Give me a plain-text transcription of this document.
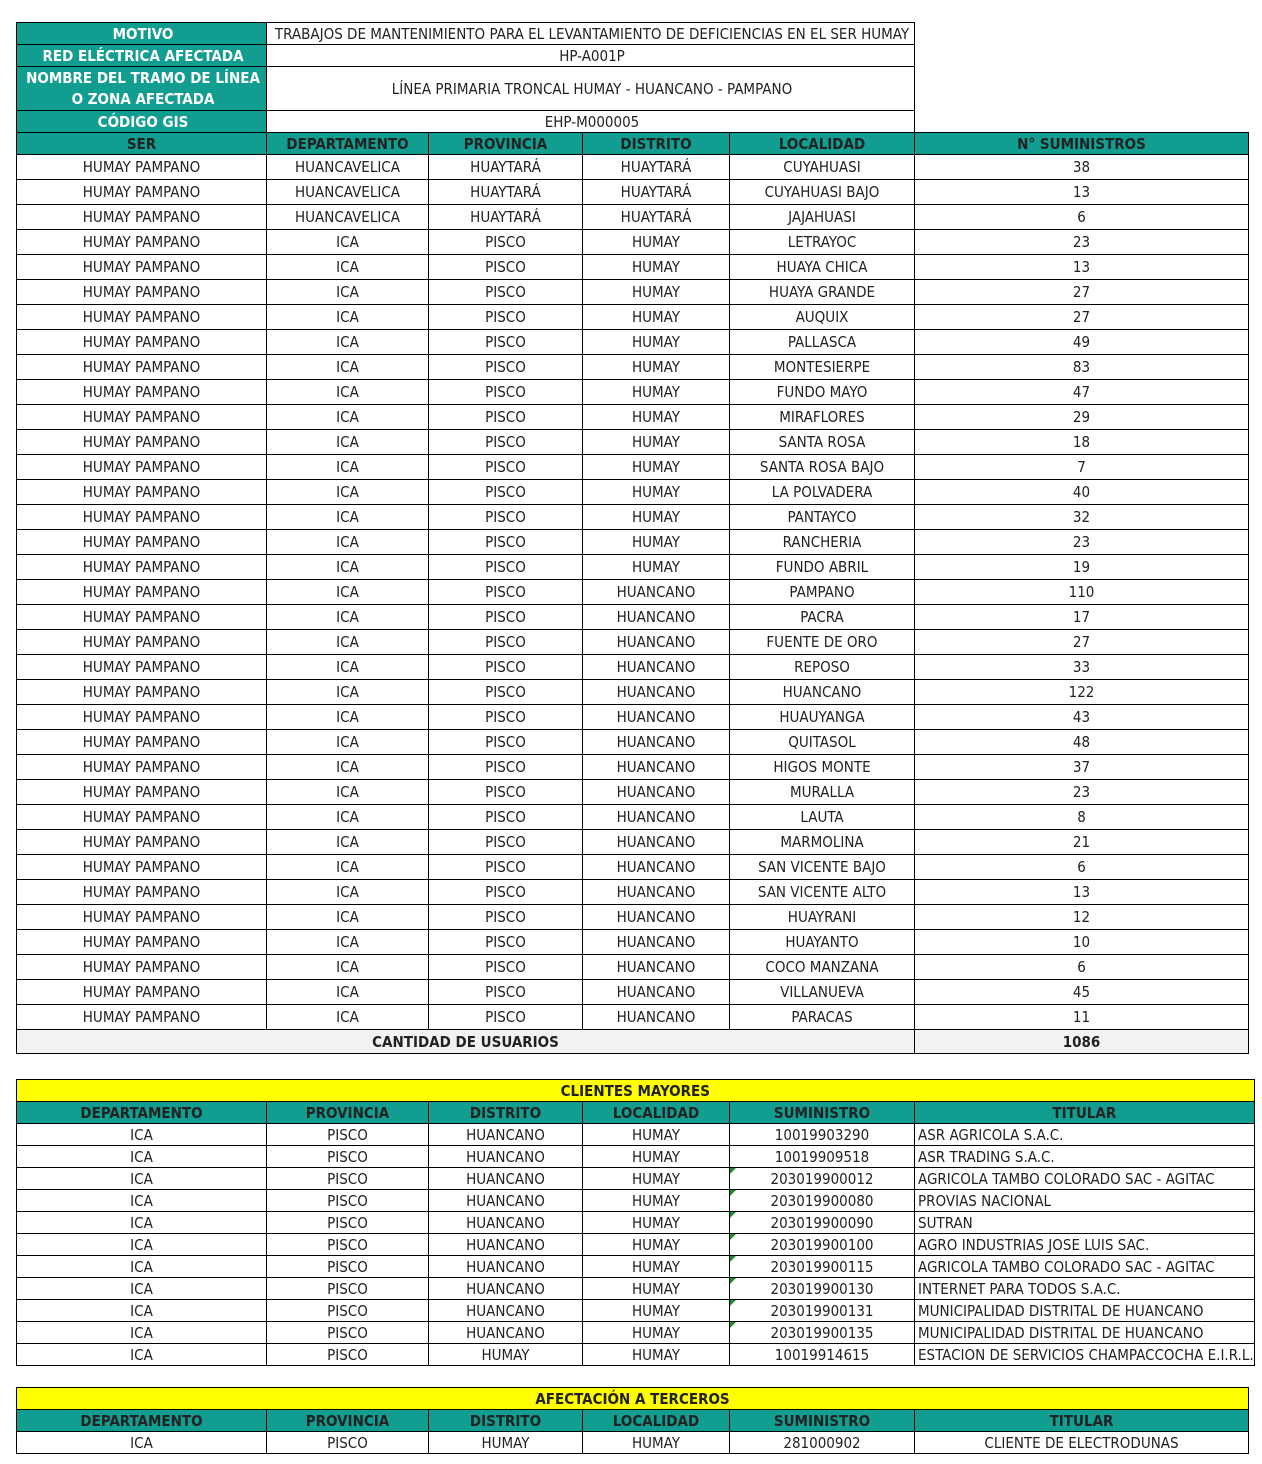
MOTIVO	TRABAJOS DE MANTENIMIENTO PARA EL LEVANTAMIENTO DE DEFICIENCIAS EN EL SER HUMAY				
RED ELÉCTRICA AFECTADA	HP-A001P				
NOMBRE DEL TRAMO DE LÍNEA O ZONA AFECTADA	LÍNEA PRIMARIA TRONCAL HUMAY - HUANCANO - PAMPANO				
CÓDIGO GIS	EHP-M000005				
SER	DEPARTAMENTO	PROVINCIA	DISTRITO	LOCALIDAD	N° SUMINISTROS
HUMAY PAMPANO	HUANCAVELICA	HUAYTARÁ	HUAYTARÁ	CUYAHUASI	38
HUMAY PAMPANO	HUANCAVELICA	HUAYTARÁ	HUAYTARÁ	CUYAHUASI BAJO	13
HUMAY PAMPANO	HUANCAVELICA	HUAYTARÁ	HUAYTARÁ	JAJAHUASI	6
HUMAY PAMPANO	ICA	PISCO	HUMAY	LETRAYOC	23
HUMAY PAMPANO	ICA	PISCO	HUMAY	HUAYA CHICA	13
HUMAY PAMPANO	ICA	PISCO	HUMAY	HUAYA GRANDE	27
HUMAY PAMPANO	ICA	PISCO	HUMAY	AUQUIX	27
HUMAY PAMPANO	ICA	PISCO	HUMAY	PALLASCA	49
HUMAY PAMPANO	ICA	PISCO	HUMAY	MONTESIERPE	83
HUMAY PAMPANO	ICA	PISCO	HUMAY	FUNDO MAYO	47
HUMAY PAMPANO	ICA	PISCO	HUMAY	MIRAFLORES	29
HUMAY PAMPANO	ICA	PISCO	HUMAY	SANTA ROSA	18
HUMAY PAMPANO	ICA	PISCO	HUMAY	SANTA ROSA BAJO	7
HUMAY PAMPANO	ICA	PISCO	HUMAY	LA POLVADERA	40
HUMAY PAMPANO	ICA	PISCO	HUMAY	PANTAYCO	32
HUMAY PAMPANO	ICA	PISCO	HUMAY	RANCHERIA	23
HUMAY PAMPANO	ICA	PISCO	HUMAY	FUNDO ABRIL	19
HUMAY PAMPANO	ICA	PISCO	HUANCANO	PAMPANO	110
HUMAY PAMPANO	ICA	PISCO	HUANCANO	PACRA	17
HUMAY PAMPANO	ICA	PISCO	HUANCANO	FUENTE DE ORO	27
HUMAY PAMPANO	ICA	PISCO	HUANCANO	REPOSO	33
HUMAY PAMPANO	ICA	PISCO	HUANCANO	HUANCANO	122
HUMAY PAMPANO	ICA	PISCO	HUANCANO	HUAUYANGA	43
HUMAY PAMPANO	ICA	PISCO	HUANCANO	QUITASOL	48
HUMAY PAMPANO	ICA	PISCO	HUANCANO	HIGOS MONTE	37
HUMAY PAMPANO	ICA	PISCO	HUANCANO	MURALLA	23
HUMAY PAMPANO	ICA	PISCO	HUANCANO	LAUTA	8
HUMAY PAMPANO	ICA	PISCO	HUANCANO	MARMOLINA	21
HUMAY PAMPANO	ICA	PISCO	HUANCANO	SAN VICENTE BAJO	6
HUMAY PAMPANO	ICA	PISCO	HUANCANO	SAN VICENTE ALTO	13
HUMAY PAMPANO	ICA	PISCO	HUANCANO	HUAYRANI	12
HUMAY PAMPANO	ICA	PISCO	HUANCANO	HUAYANTO	10
HUMAY PAMPANO	ICA	PISCO	HUANCANO	COCO MANZANA	6
HUMAY PAMPANO	ICA	PISCO	HUANCANO	VILLANUEVA	45
HUMAY PAMPANO	ICA	PISCO	HUANCANO	PARACAS	11
CANTIDAD DE USUARIOS					1086
CLIENTES MAYORES					
DEPARTAMENTO	PROVINCIA	DISTRITO	LOCALIDAD	SUMINISTRO	TITULAR
ICA	PISCO	HUANCANO	HUMAY	10019903290	ASR AGRICOLA S.A.C.
ICA	PISCO	HUANCANO	HUMAY	10019909518	ASR TRADING S.A.C.
ICA	PISCO	HUANCANO	HUMAY	203019900012	AGRICOLA TAMBO COLORADO SAC - AGITAC
ICA	PISCO	HUANCANO	HUMAY	203019900080	PROVIAS NACIONAL
ICA	PISCO	HUANCANO	HUMAY	203019900090	SUTRAN
ICA	PISCO	HUANCANO	HUMAY	203019900100	AGRO INDUSTRIAS JOSE LUIS SAC.
ICA	PISCO	HUANCANO	HUMAY	203019900115	AGRICOLA TAMBO COLORADO SAC - AGITAC
ICA	PISCO	HUANCANO	HUMAY	203019900130	INTERNET PARA TODOS S.A.C.
ICA	PISCO	HUANCANO	HUMAY	203019900131	MUNICIPALIDAD DISTRITAL DE HUANCANO
ICA	PISCO	HUANCANO	HUMAY	203019900135	MUNICIPALIDAD DISTRITAL DE HUANCANO
ICA	PISCO	HUMAY	HUMAY	10019914615	ESTACION DE SERVICIOS CHAMPACCOCHA E.I.R.L.
AFECTACIÓN A TERCEROS					
DEPARTAMENTO	PROVINCIA	DISTRITO	LOCALIDAD	SUMINISTRO	TITULAR
ICA	PISCO	HUMAY	HUMAY	281000902	CLIENTE DE ELECTRODUNAS
